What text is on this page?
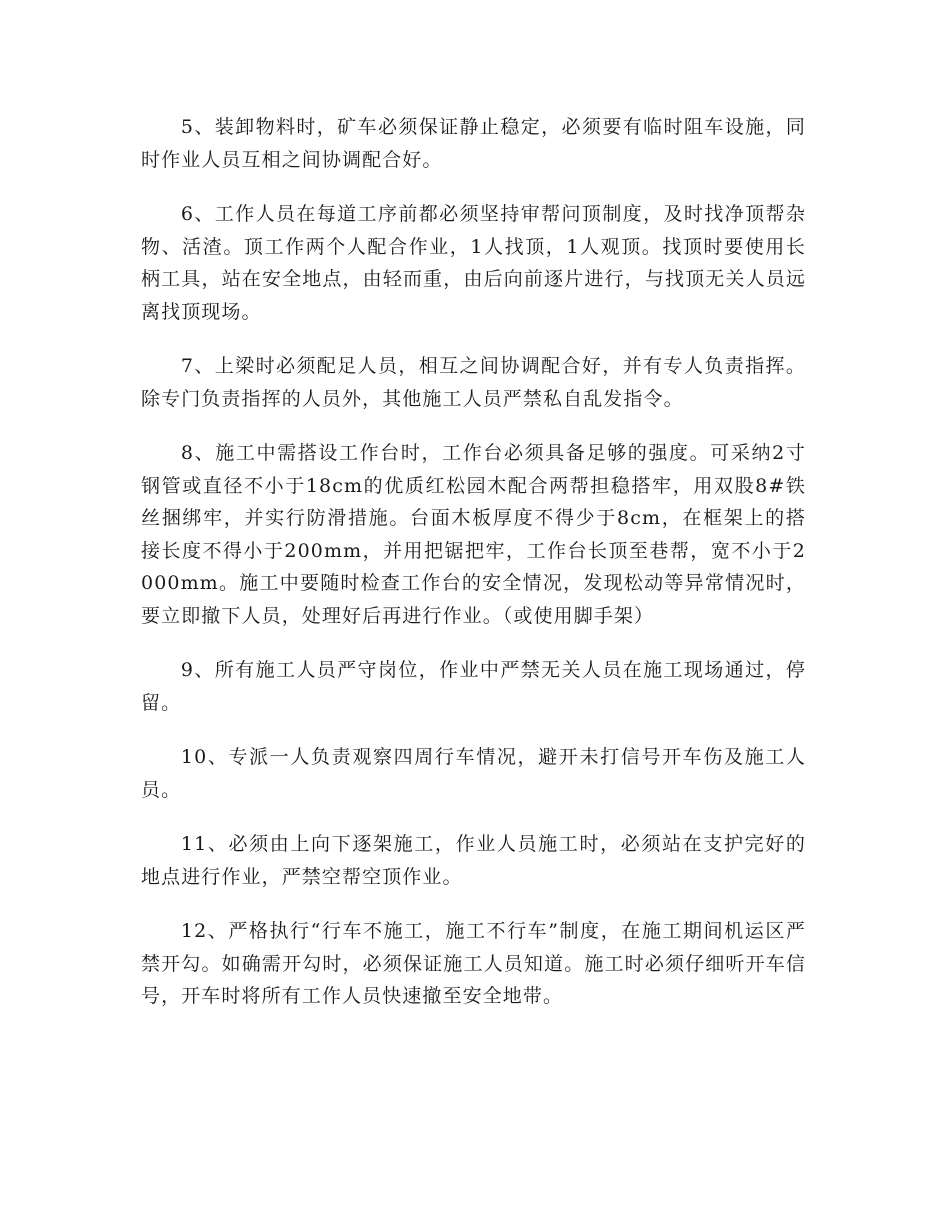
5、装卸物料时，矿车必须保证静止稳定，必须要有临时阻车设施，同时作业人员互相之间协调配合好。

6、工作人员在每道工序前都必须坚持审帮问顶制度，及时找净顶帮杂物、活渣。顶工作两个人配合作业，1人找顶，1人观顶。找顶时要使用长柄工具，站在安全地点，由轻而重，由后向前逐片进行，与找顶无关人员远离找顶现场。

7、上梁时必须配足人员，相互之间协调配合好，并有专人负责指挥。除专门负责指挥的人员外，其他施工人员严禁私自乱发指令。

8、施工中需搭设工作台时，工作台必须具备足够的强度。可采纳2寸钢管或直径不小于18cm的优质红松园木配合两帮担稳搭牢，用双股8#铁丝捆绑牢，并实行防滑措施。台面木板厚度不得少于8cm，在框架上的搭接长度不得小于200mm，并用把锯把牢，工作台长顶至巷帮，宽不小于2000mm。施工中要随时检查工作台的安全情况，发现松动等异常情况时，要立即撤下人员，处理好后再进行作业。（或使用脚手架）

9、所有施工人员严守岗位，作业中严禁无关人员在施工现场通过，停留。

10、专派一人负责观察四周行车情况，避开未打信号开车伤及施工人员。

11、必须由上向下逐架施工，作业人员施工时，必须站在支护完好的地点进行作业，严禁空帮空顶作业。

12、严格执行“行车不施工，施工不行车”制度，在施工期间机运区严禁开勾。如确需开勾时，必须保证施工人员知道。施工时必须仔细听开车信号，开车时将所有工作人员快速撤至安全地带。
